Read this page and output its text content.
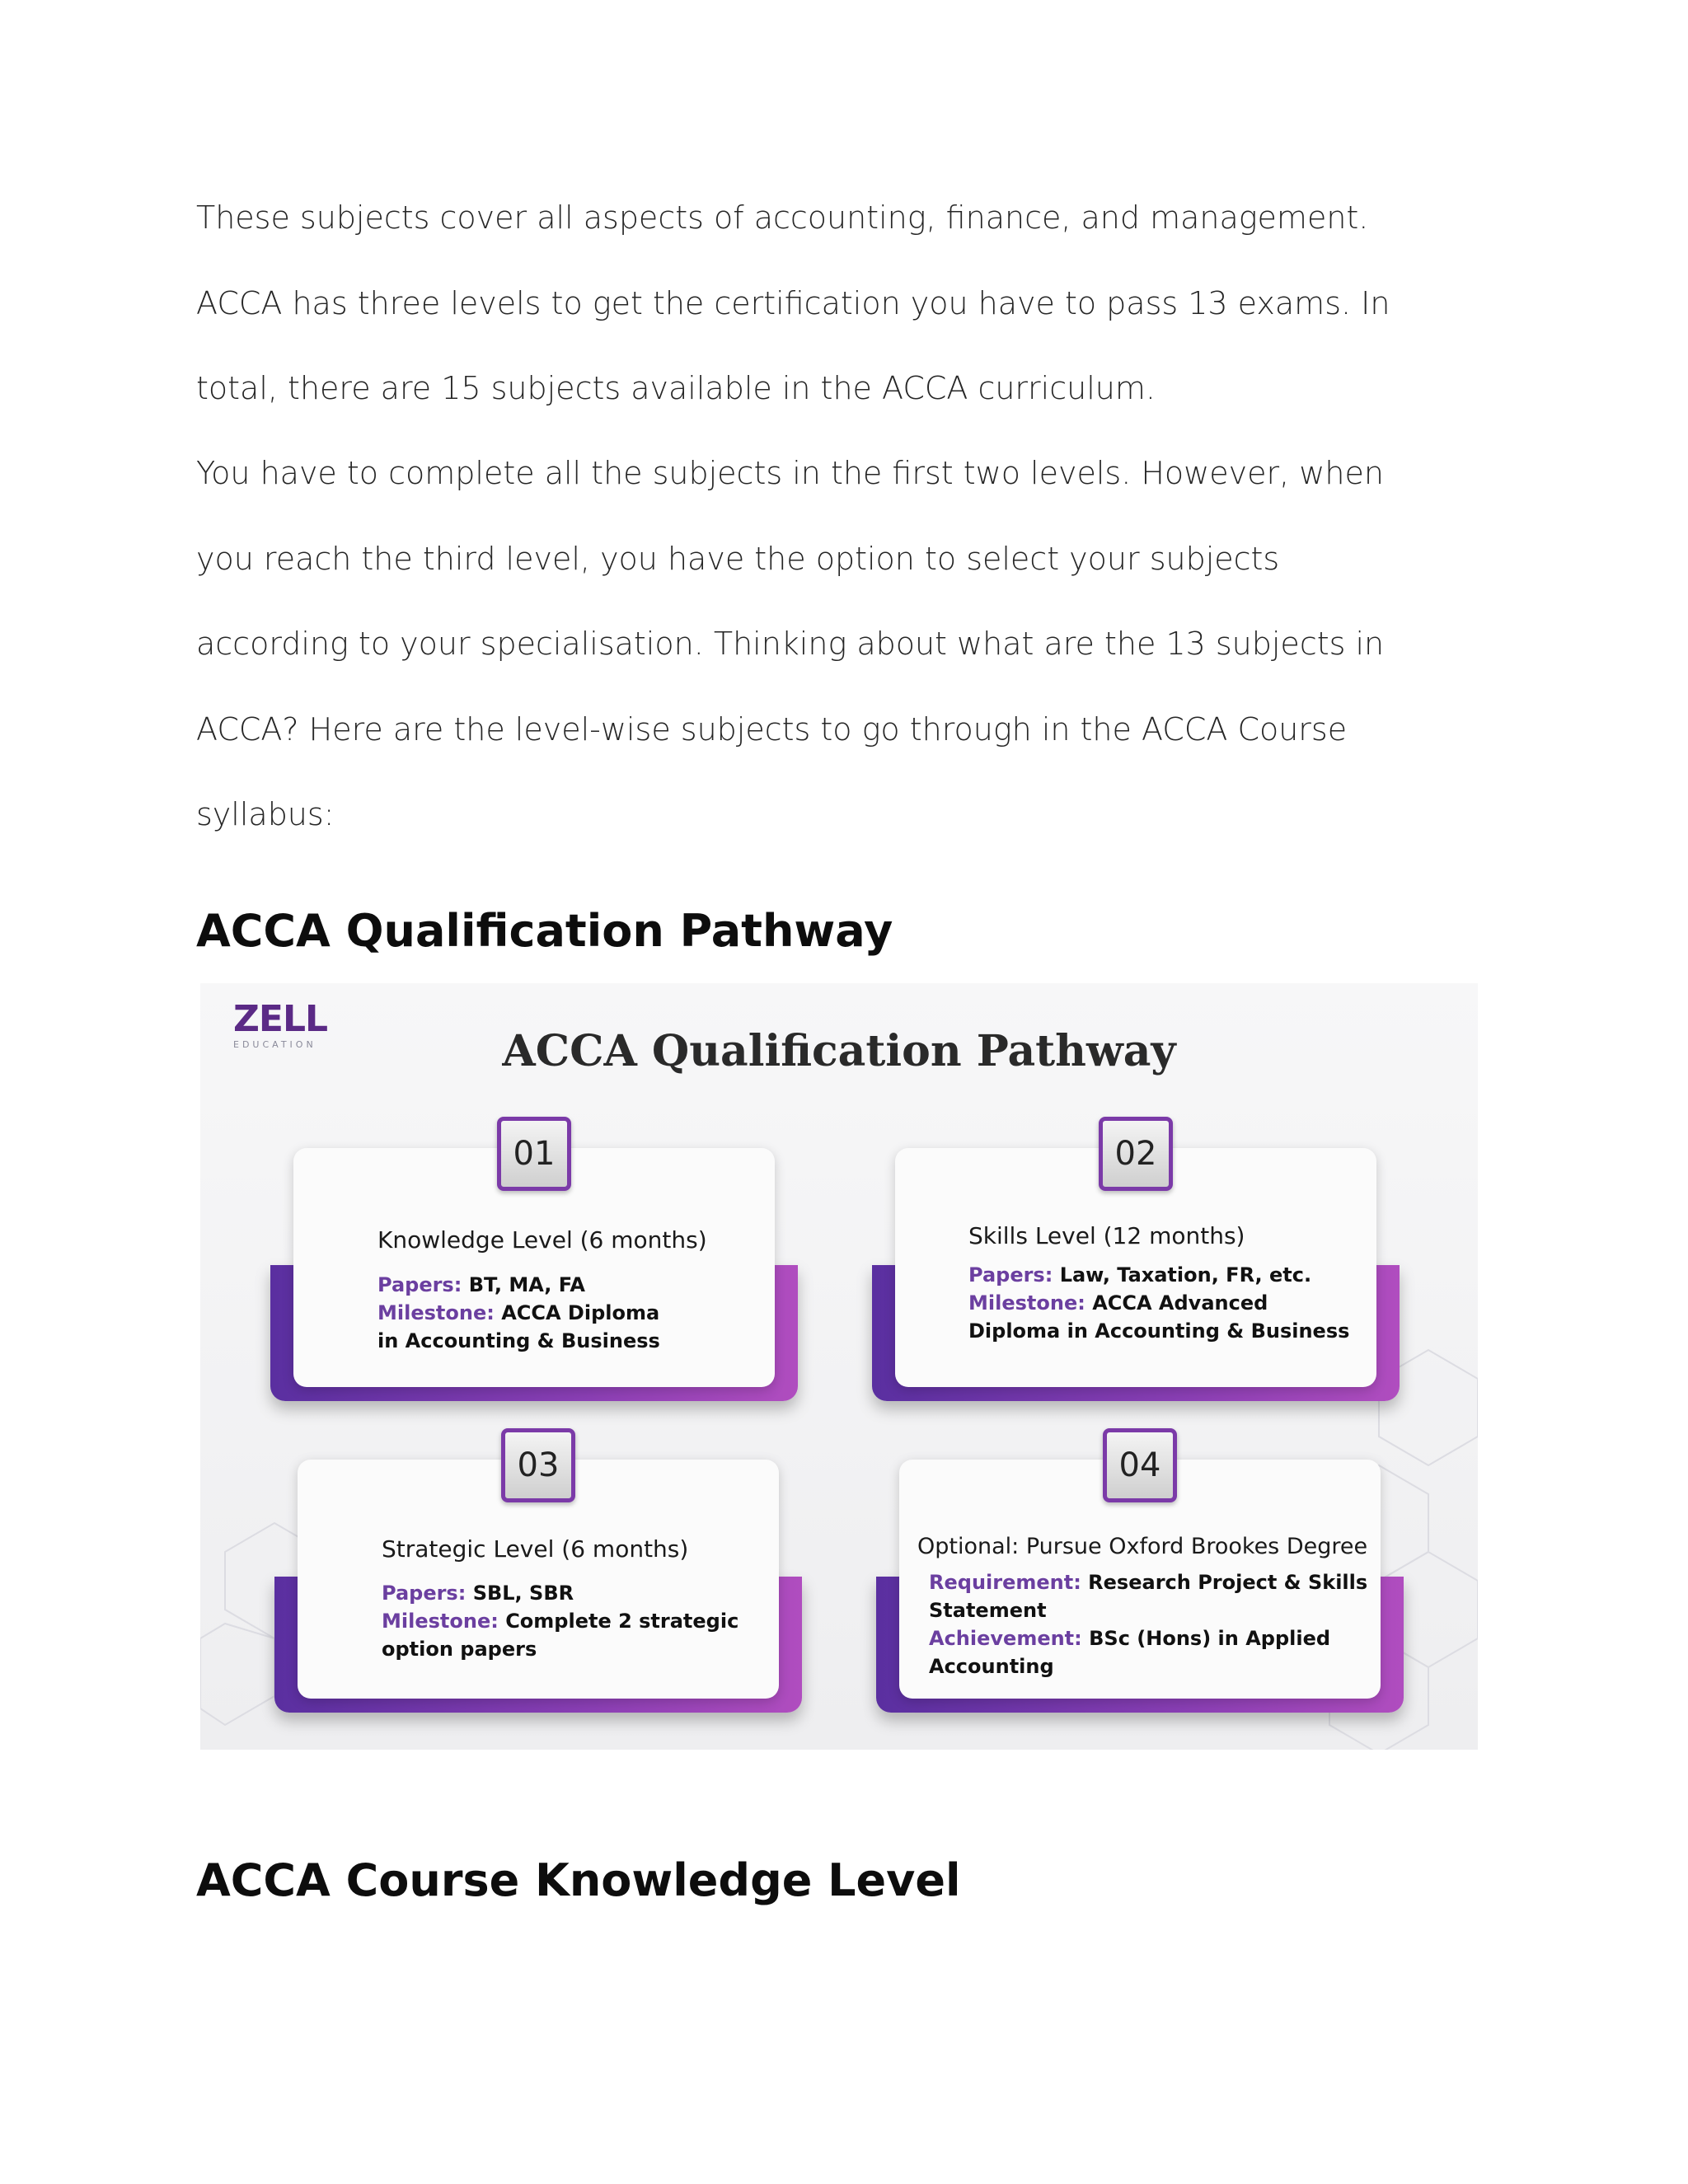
These subjects cover all aspects of accounting, finance, and management.
ACCA has three levels to get the certification you have to pass 13 exams. In
total, there are 15 subjects available in the ACCA curriculum.

You have to complete all the subjects in the first two levels. However, when
you reach the third level, you have the option to select your subjects
according to your specialisation. Thinking about what are the 13 subjects in
ACCA? Here are the level-wise subjects to go through in the ACCA Course
syllabus:

ACCA Qualification Pathway
ZELL
EDUCATION	ACCA Qualification Pathway
01
Knowledge Level (6 months)
Papers: BT, MA, FA
Milestone: ACCA Diploma
in Accounting & Business
02
Skills Level (12 months)
Papers: Law, Taxation, FR, etc.
Milestone: ACCA Advanced
Diploma in Accounting & Business
03
Strategic Level (6 months)
Papers: SBL, SBR
Milestone: Complete 2 strategic
option papers
04
Optional: Pursue Oxford Brookes Degree
Requirement: Research Project & Skills
Statement
Achievement: BSc (Hons) in Applied
Accounting
ACCA Course Knowledge Level
